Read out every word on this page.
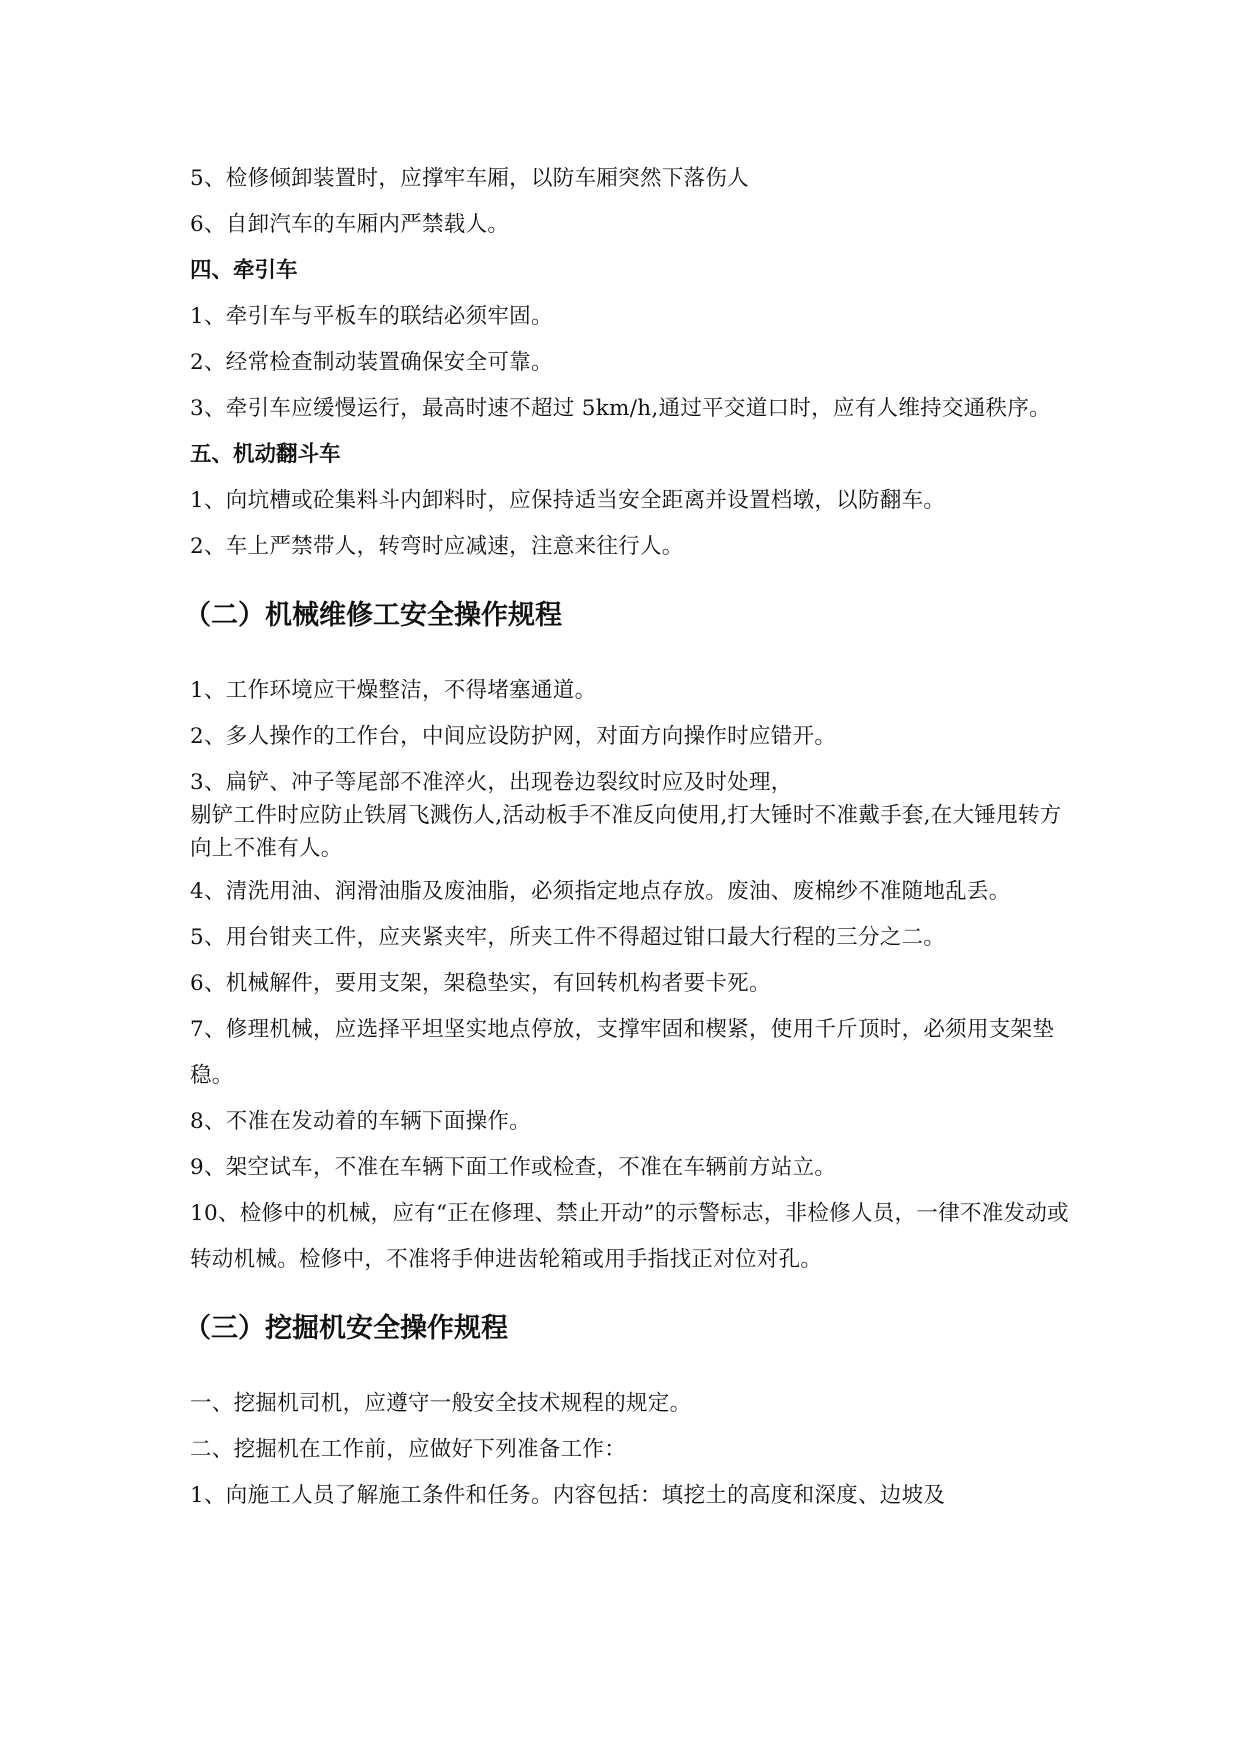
5、检修倾卸装置时，应撑牢车厢，以防车厢突然下落伤人

6、自卸汽车的车厢内严禁载人。

四、牵引车

1、牵引车与平板车的联结必须牢固。

2、经常检查制动装置确保安全可靠。

3、牵引车应缓慢运行，最高时速不超过 5km/h,通过平交道口时，应有人维持交通秩序。

五、机动翻斗车

1、向坑槽或砼集料斗内卸料时，应保持适当安全距离并设置档墩，以防翻车。

2、车上严禁带人，转弯时应减速，注意来往行人。

（二）机械维修工安全操作规程

1、工作环境应干燥整洁，不得堵塞通道。

2、多人操作的工作台，中间应设防护网，对面方向操作时应错开。

3、扁铲、冲子等尾部不准淬火，出现卷边裂纹时应及时处理，

剔铲工件时应防止铁屑飞溅伤人,活动板手不准反向使用,打大锤时不准戴手套,在大锤甩转方向上不准有人。

4、清洗用油、润滑油脂及废油脂，必须指定地点存放。废油、废棉纱不准随地乱丢。

5、用台钳夹工件，应夹紧夹牢，所夹工件不得超过钳口最大行程的三分之二。

6、机械解件，要用支架，架稳垫实，有回转机构者要卡死。

7、修理机械，应选择平坦坚实地点停放，支撑牢固和楔紧，使用千斤顶时，必须用支架垫稳。

8、不准在发动着的车辆下面操作。

9、架空试车，不准在车辆下面工作或检查，不准在车辆前方站立。

10、检修中的机械，应有“正在修理、禁止开动”的示警标志，非检修人员，一律不准发动或转动机械。检修中，不准将手伸进齿轮箱或用手指找正对位对孔。

（三）挖掘机安全操作规程

一、挖掘机司机，应遵守一般安全技术规程的规定。

二、挖掘机在工作前，应做好下列准备工作：

1、向施工人员了解施工条件和任务。内容包括：填挖土的高度和深度、边坡及
